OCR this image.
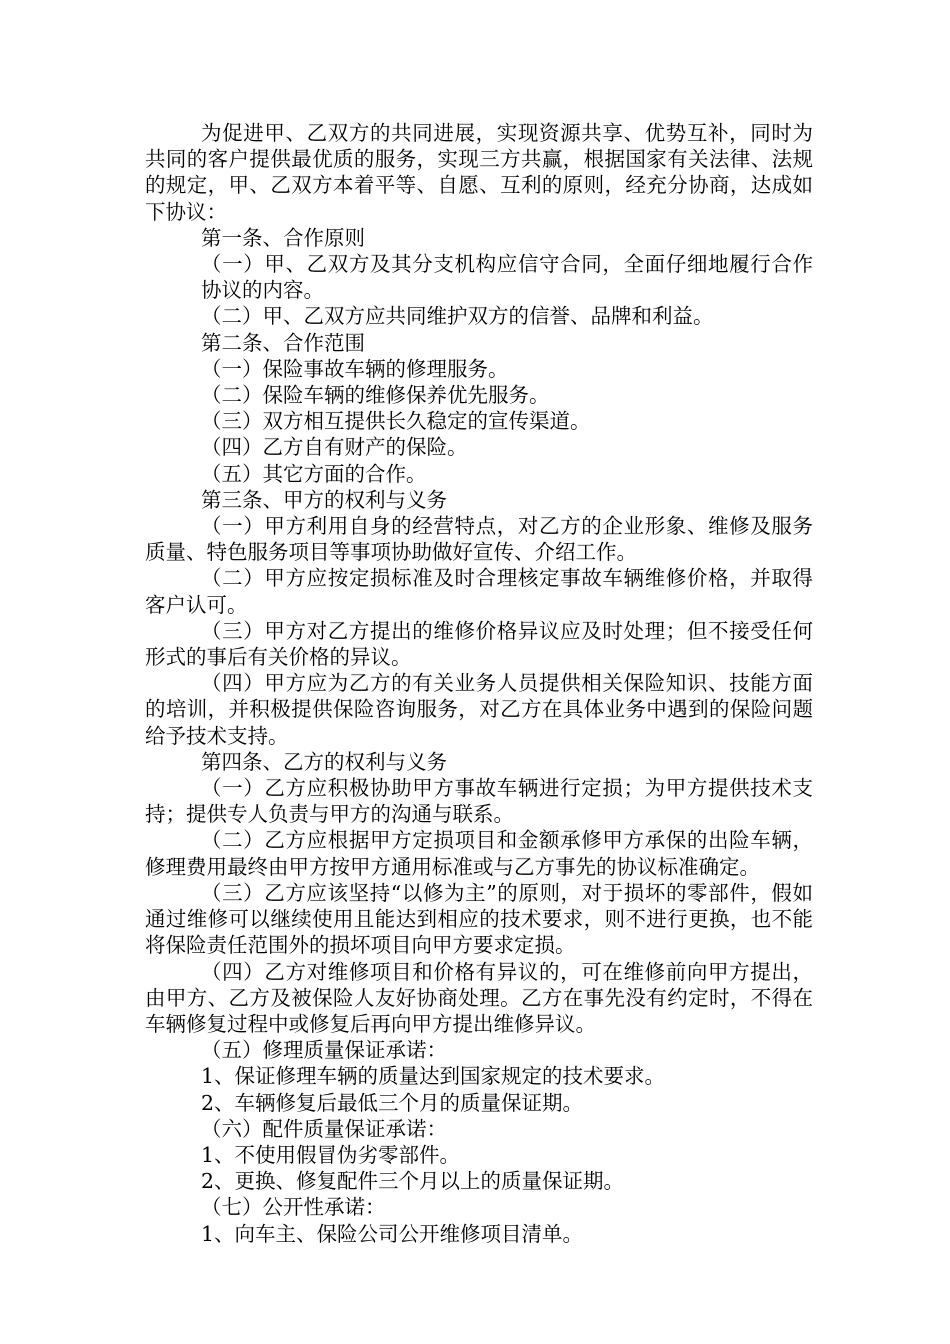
为促进甲、乙双方的共同进展，实现资源共享、优势互补，同时为共同的客户提供最优质的服务，实现三方共赢，根据国家有关法律、法规的规定，甲、乙双方本着平等、自愿、互利的原则，经充分协商，达成如下协议：

第一条、合作原则

（一）甲、乙双方及其分支机构应信守合同，全面仔细地履行合作协议的内容。

（二）甲、乙双方应共同维护双方的信誉、品牌和利益。

第二条、合作范围

（一）保险事故车辆的修理服务。

（二）保险车辆的维修保养优先服务。

（三）双方相互提供长久稳定的宣传渠道。

（四）乙方自有财产的保险。

（五）其它方面的合作。

第三条、甲方的权利与义务

（一）甲方利用自身的经营特点，对乙方的企业形象、维修及服务质量、特色服务项目等事项协助做好宣传、介绍工作。

（二）甲方应按定损标准及时合理核定事故车辆维修价格，并取得客户认可。

（三）甲方对乙方提出的维修价格异议应及时处理；但不接受任何形式的事后有关价格的异议。

（四）甲方应为乙方的有关业务人员提供相关保险知识、技能方面的培训，并积极提供保险咨询服务，对乙方在具体业务中遇到的保险问题给予技术支持。

第四条、乙方的权利与义务

（一）乙方应积极协助甲方事故车辆进行定损；为甲方提供技术支持；提供专人负责与甲方的沟通与联系。

（二）乙方应根据甲方定损项目和金额承修甲方承保的出险车辆，修理费用最终由甲方按甲方通用标准或与乙方事先的协议标准确定。

（三）乙方应该坚持“以修为主”的原则，对于损坏的零部件，假如通过维修可以继续使用且能达到相应的技术要求，则不进行更换，也不能将保险责任范围外的损坏项目向甲方要求定损。

（四）乙方对维修项目和价格有异议的，可在维修前向甲方提出，由甲方、乙方及被保险人友好协商处理。乙方在事先没有约定时，不得在车辆修复过程中或修复后再向甲方提出维修异议。

（五）修理质量保证承诺：

1、保证修理车辆的质量达到国家规定的技术要求。

2、车辆修复后最低三个月的质量保证期。

（六）配件质量保证承诺：

1、不使用假冒伪劣零部件。

2、更换、修复配件三个月以上的质量保证期。

（七）公开性承诺：

1、向车主、保险公司公开维修项目清单。
